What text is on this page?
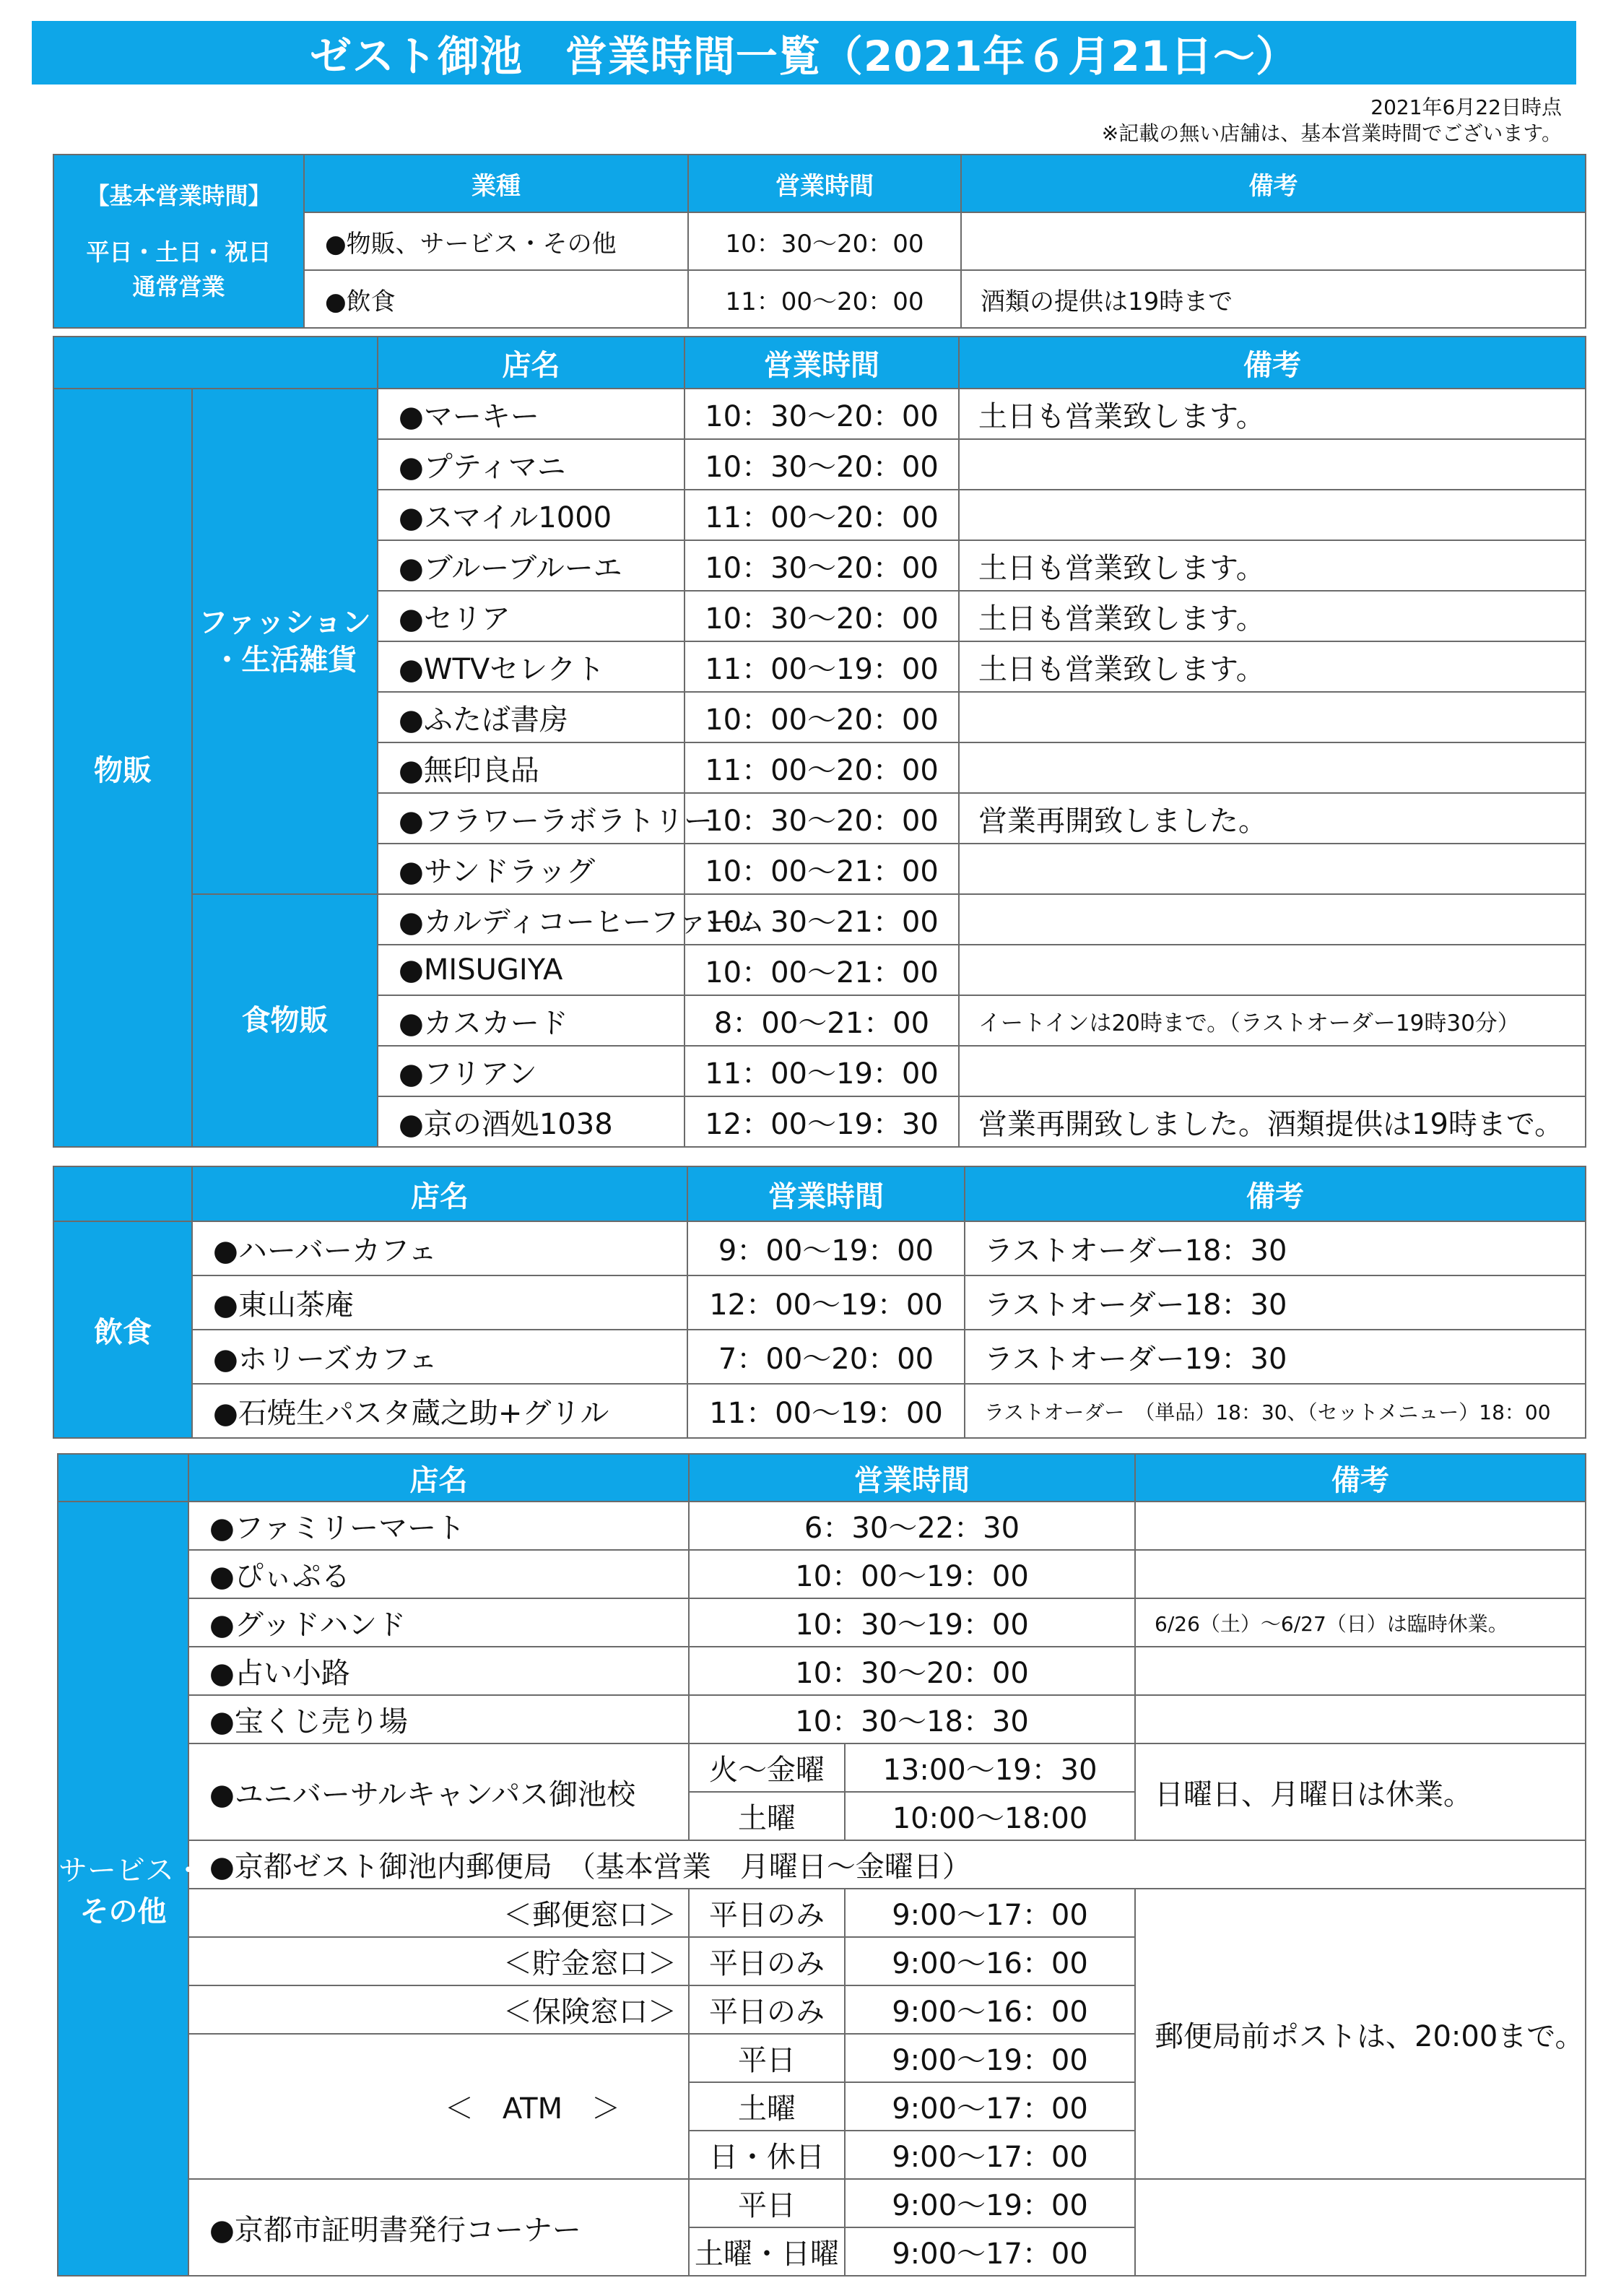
ゼスト御池　営業時間一覧（2021年６月21日～）
2021年6月22日時点
※記載の無い店舗は、基本営業時間でございます。
【基本営業時間】
平日・土日・祝日
通常営業	業種	営業時間	備考
	●物販、サービス・その他	10：30～20：00	
	●飲食	11：00～20：00	酒類の提供は19時まで
		店名	営業時間	備考
物販	ファッション
・生活雑貨	●マーキー	10：30～20：00	土日も営業致します。
		●プティマニ	10：30～20：00	
		●スマイル1000	11：00～20：00	
		●ブルーブルーエ	10：30～20：00	土日も営業致します。
		●セリア	10：30～20：00	土日も営業致します。
		●WTVセレクト	11：00～19：00	土日も営業致します。
		●ふたば書房	10：00～20：00	
		●無印良品	11：00～20：00	
		●フラワーラボラトリー	10：30～20：00	営業再開致しました。
		●サンドラッグ	10：00～21：00	
	食物販	●カルディコーヒーファーム	10：30～21：00	
		●MISUGIYA	10：00～21：00	
		●カスカード	8：00～21：00	イートインは20時まで。（ラストオーダー19時30分）
		●フリアン	11：00～19：00	
		●京の酒処1038	12：00～19：30	営業再開致しました。酒類提供は19時まで。
	店名	営業時間	備考
飲食	●ハーバーカフェ	9：00～19：00	ラストオーダー18：30
	●東山茶庵	12：00～19：00	ラストオーダー18：30
	●ホリーズカフェ	7：00～20：00	ラストオーダー19：30
	●石焼生パスタ蔵之助+グリル	11：00～19：00	ラストオーダー　（単品）18：30、（セットメニュー）18：00
	店名	営業時間		備考

サービス・
その他	●ファミリーマート	6：30～22：30		
	●ぴぃぷる	10：00～19：00		
	●グッドハンド	10：30～19：00		6/26（土）～6/27（日）は臨時休業。
	●占い小路	10：30～20：00		
	●宝くじ売り場	10：30～18：30		
	●ユニバーサルキャンパス御池校	火～金曜	13:00～19：30	日曜日、月曜日は休業。
		土曜	10:00～18:00	
	●京都ゼスト御池内郵便局　（基本営業　月曜日～金曜日）			
	＜郵便窓口＞	平日のみ	9:00～17：00	郵便局前ポストは、20:00まで。
	＜貯金窓口＞	平日のみ	9:00～16：00	
	＜保険窓口＞	平日のみ	9:00～16：00	
	＜　ATM　＞	平日	9:00～19：00	
		土曜	9:00～17：00	
		日・休日	9:00～17：00	
	●京都市証明書発行コーナー	平日	9:00～19：00	
		土曜・日曜	9:00～17：00	
